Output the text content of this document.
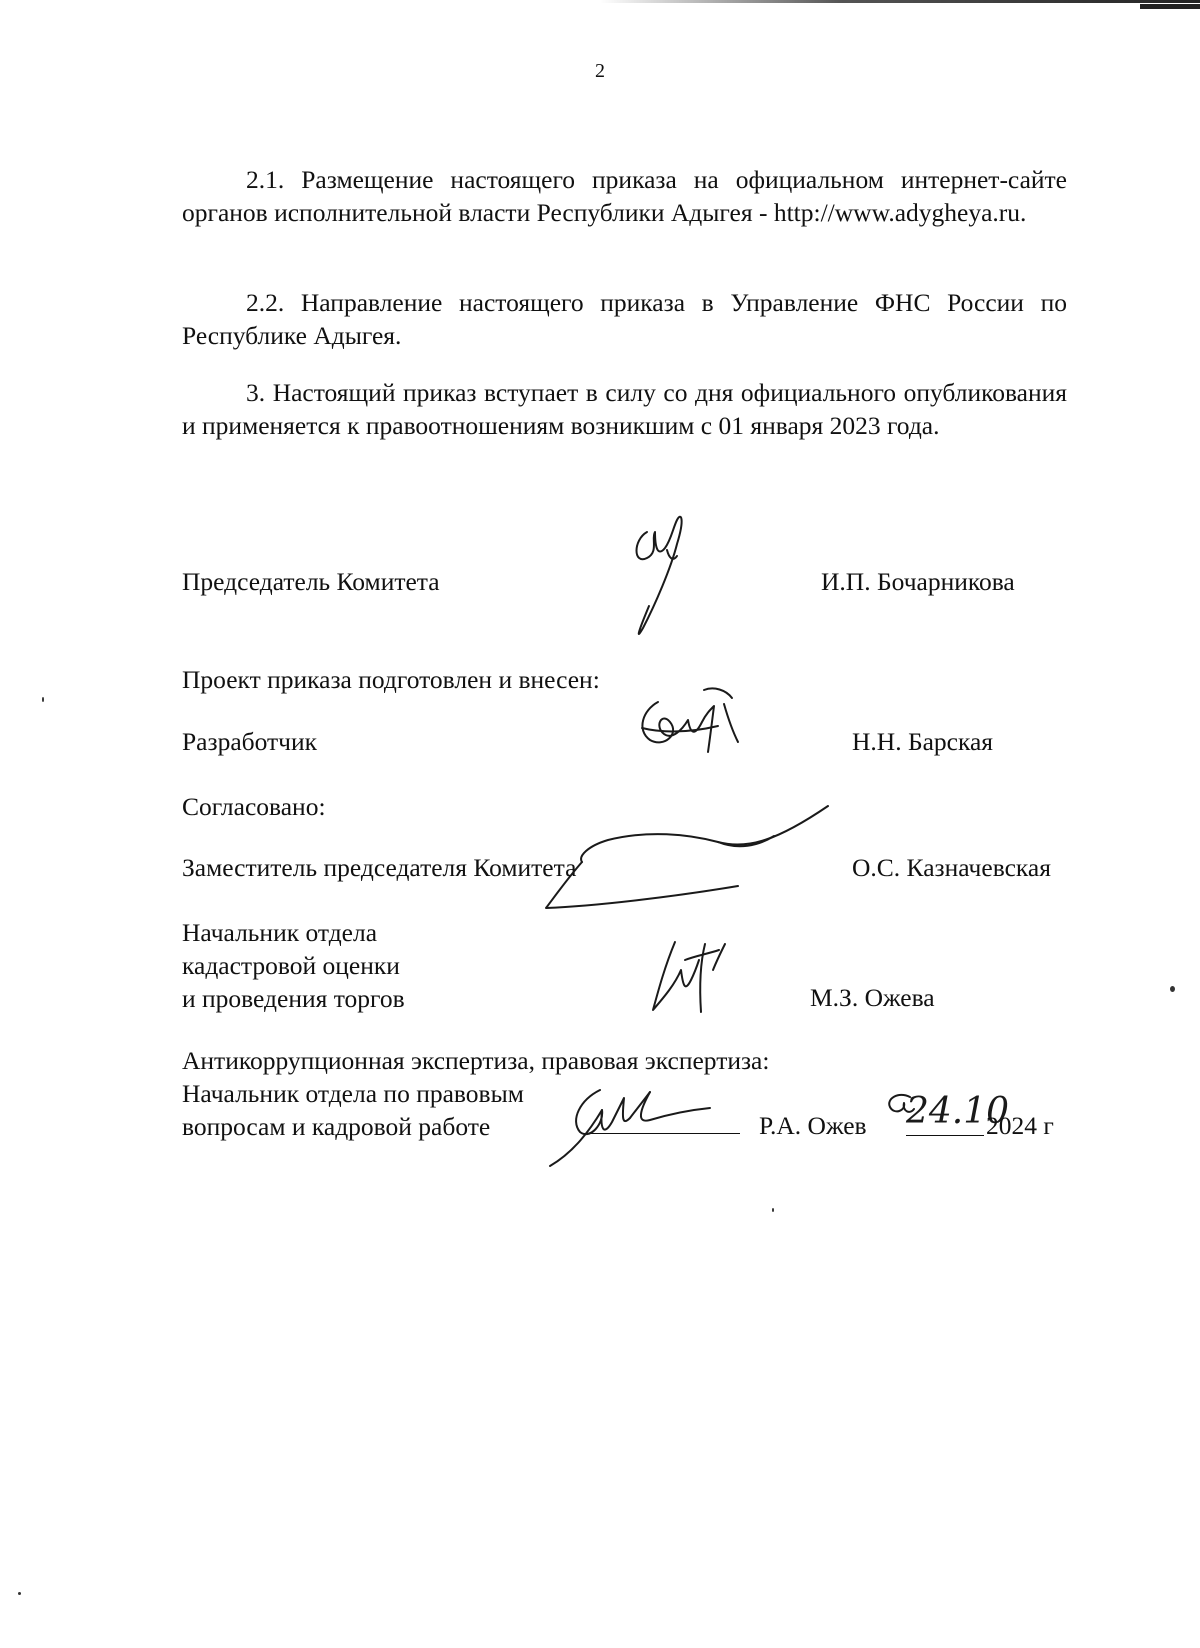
2

2.1. Размещение настоящего приказа на официальном интернет-сайте органов исполнительной власти Республики Адыгея - http://www.adygheya.ru.

2.2. Направление настоящего приказа в Управление ФНС России по Республике Адыгея.

3. Настоящий приказ вступает в силу со дня официального опубликования и применяется к правоотношениям возникшим с 01 января 2023 года.

Председатель Комитета	И.П. Бочарникова
Проект приказа подготовлен и внесен:
Разработчик	Н.Н. Барская
Согласовано:
Заместитель председателя Комитета	О.С. Казначевская
Начальник отдела
кадастровой оценки
и проведения торгов	М.З. Ожева
Антикоррупционная экспертиза, правовая экспертиза:
Начальник отдела по правовым
вопросам и кадровой работе	Р.А. Ожев 24.10
2024 г
